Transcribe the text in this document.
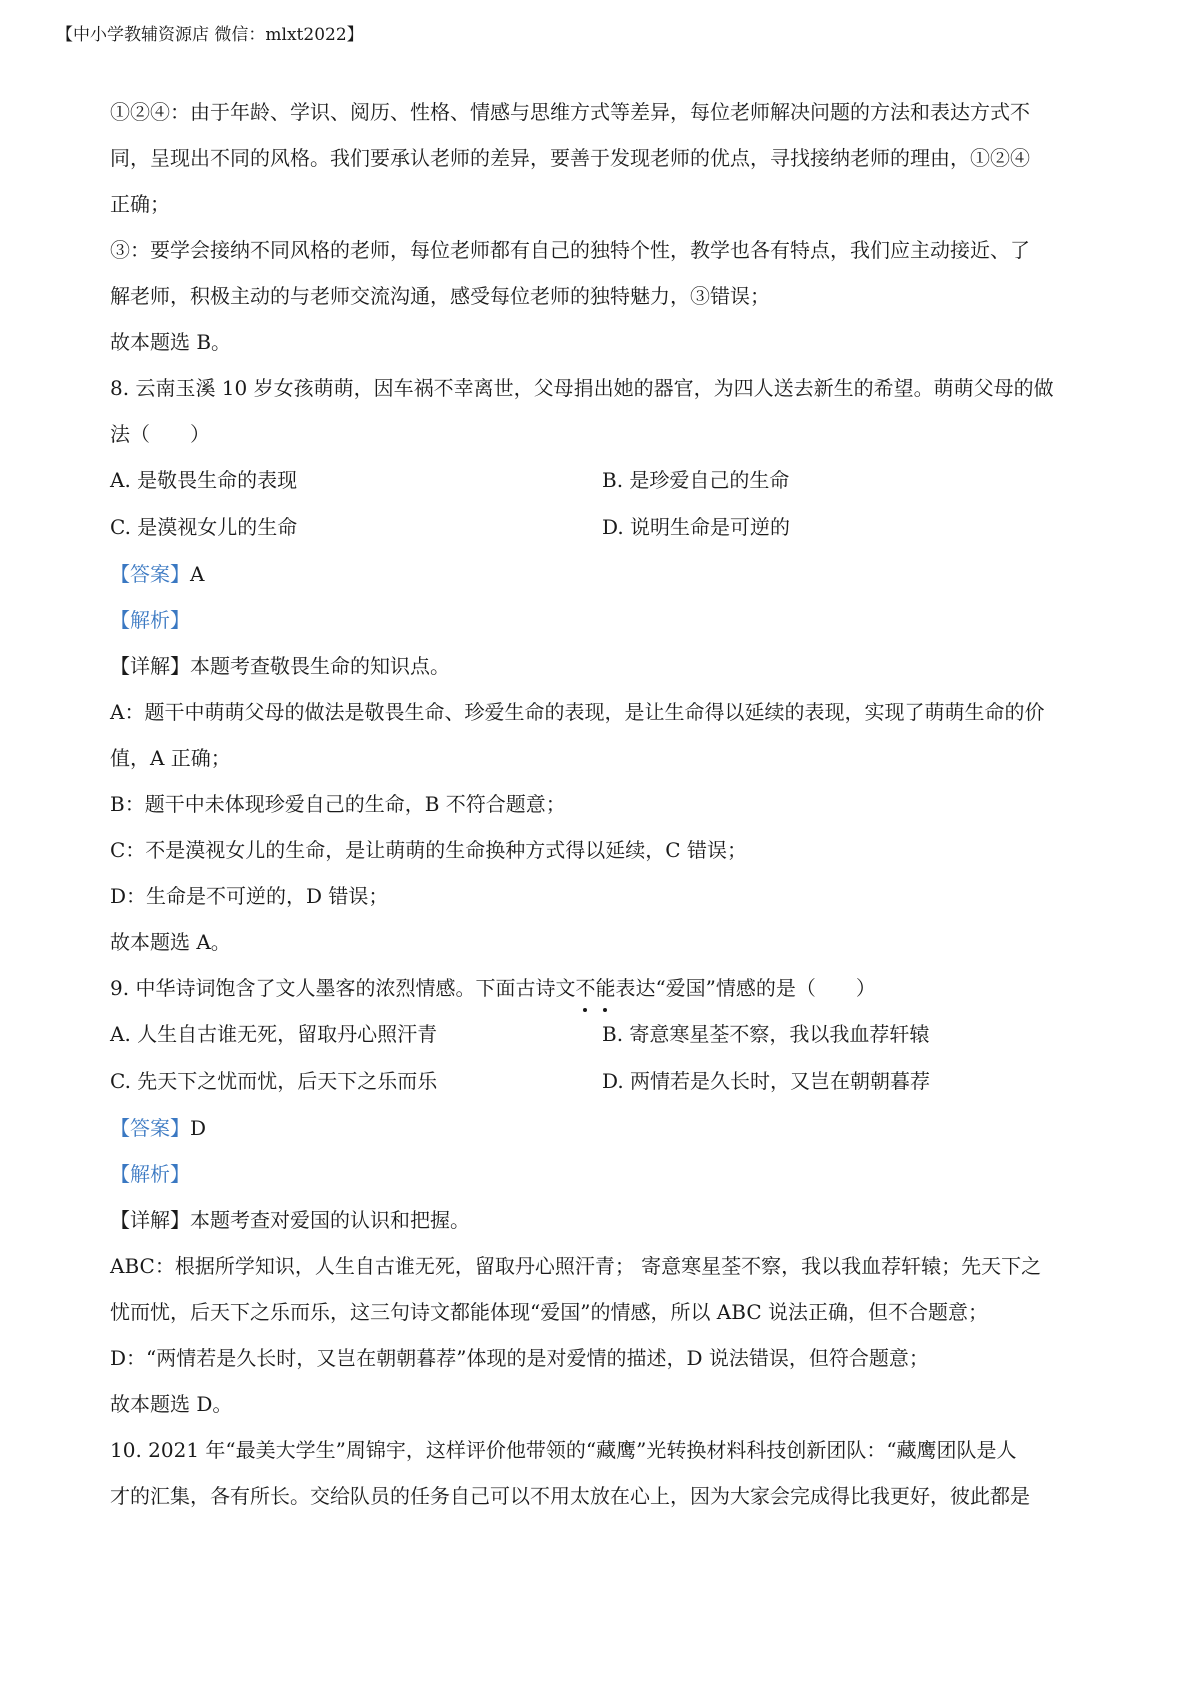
【中小学教辅资源店 微信：mlxt2022】

①②④：由于年龄、学识、阅历、性格、情感与思维方式等差异，每位老师解决问题的方法和表达方式不

同，呈现出不同的风格。我们要承认老师的差异，要善于发现老师的优点，寻找接纳老师的理由，①②④

正确；

③：要学会接纳不同风格的老师，每位老师都有自己的独特个性，教学也各有特点，我们应主动接近、了

解老师，积极主动的与老师交流沟通，感受每位老师的独特魅力，③错误；

故本题选 B。

8. 云南玉溪 10 岁女孩萌萌，因车祸不幸离世，父母捐出她的器官，为四人送去新生的希望。萌萌父母的做

法（　　）

A. 是敬畏生命的表现	B. 是珍爱自己的生命
C. 是漠视女儿的生命	D. 说明生命是可逆的

【答案】A

【解析】

【详解】本题考查敬畏生命的知识点。

A：题干中萌萌父母的做法是敬畏生命、珍爱生命的表现，是让生命得以延续的表现，实现了萌萌生命的价

值，A 正确；

B：题干中未体现珍爱自己的生命，B 不符合题意；

C：不是漠视女儿的生命，是让萌萌的生命换种方式得以延续，C 错误；

D：生命是不可逆的，D 错误；

故本题选 A。

9. 中华诗词饱含了文人墨客的浓烈情感。下面古诗文不能表达“爱国”情感的是（　　）

A. 人生自古谁无死，留取丹心照汗青	B. 寄意寒星荃不察，我以我血荐轩辕
C. 先天下之忧而忧，后天下之乐而乐	D. 两情若是久长时，又岂在朝朝暮荐

【答案】D

【解析】

【详解】本题考查对爱国的认识和把握。

ABC：根据所学知识，人生自古谁无死，留取丹心照汗青； 寄意寒星荃不察，我以我血荐轩辕；先天下之

忧而忧，后天下之乐而乐，这三句诗文都能体现“爱国”的情感，所以 ABC 说法正确，但不合题意；

D：“两情若是久长时，又岂在朝朝暮荐”体现的是对爱情的描述，D 说法错误，但符合题意；

故本题选 D。

10. 2021 年“最美大学生”周锦宇，这样评价他带领的“藏鹰”光转换材料科技创新团队：“藏鹰团队是人

才的汇集，各有所长。交给队员的任务自己可以不用太放在心上，因为大家会完成得比我更好，彼此都是
